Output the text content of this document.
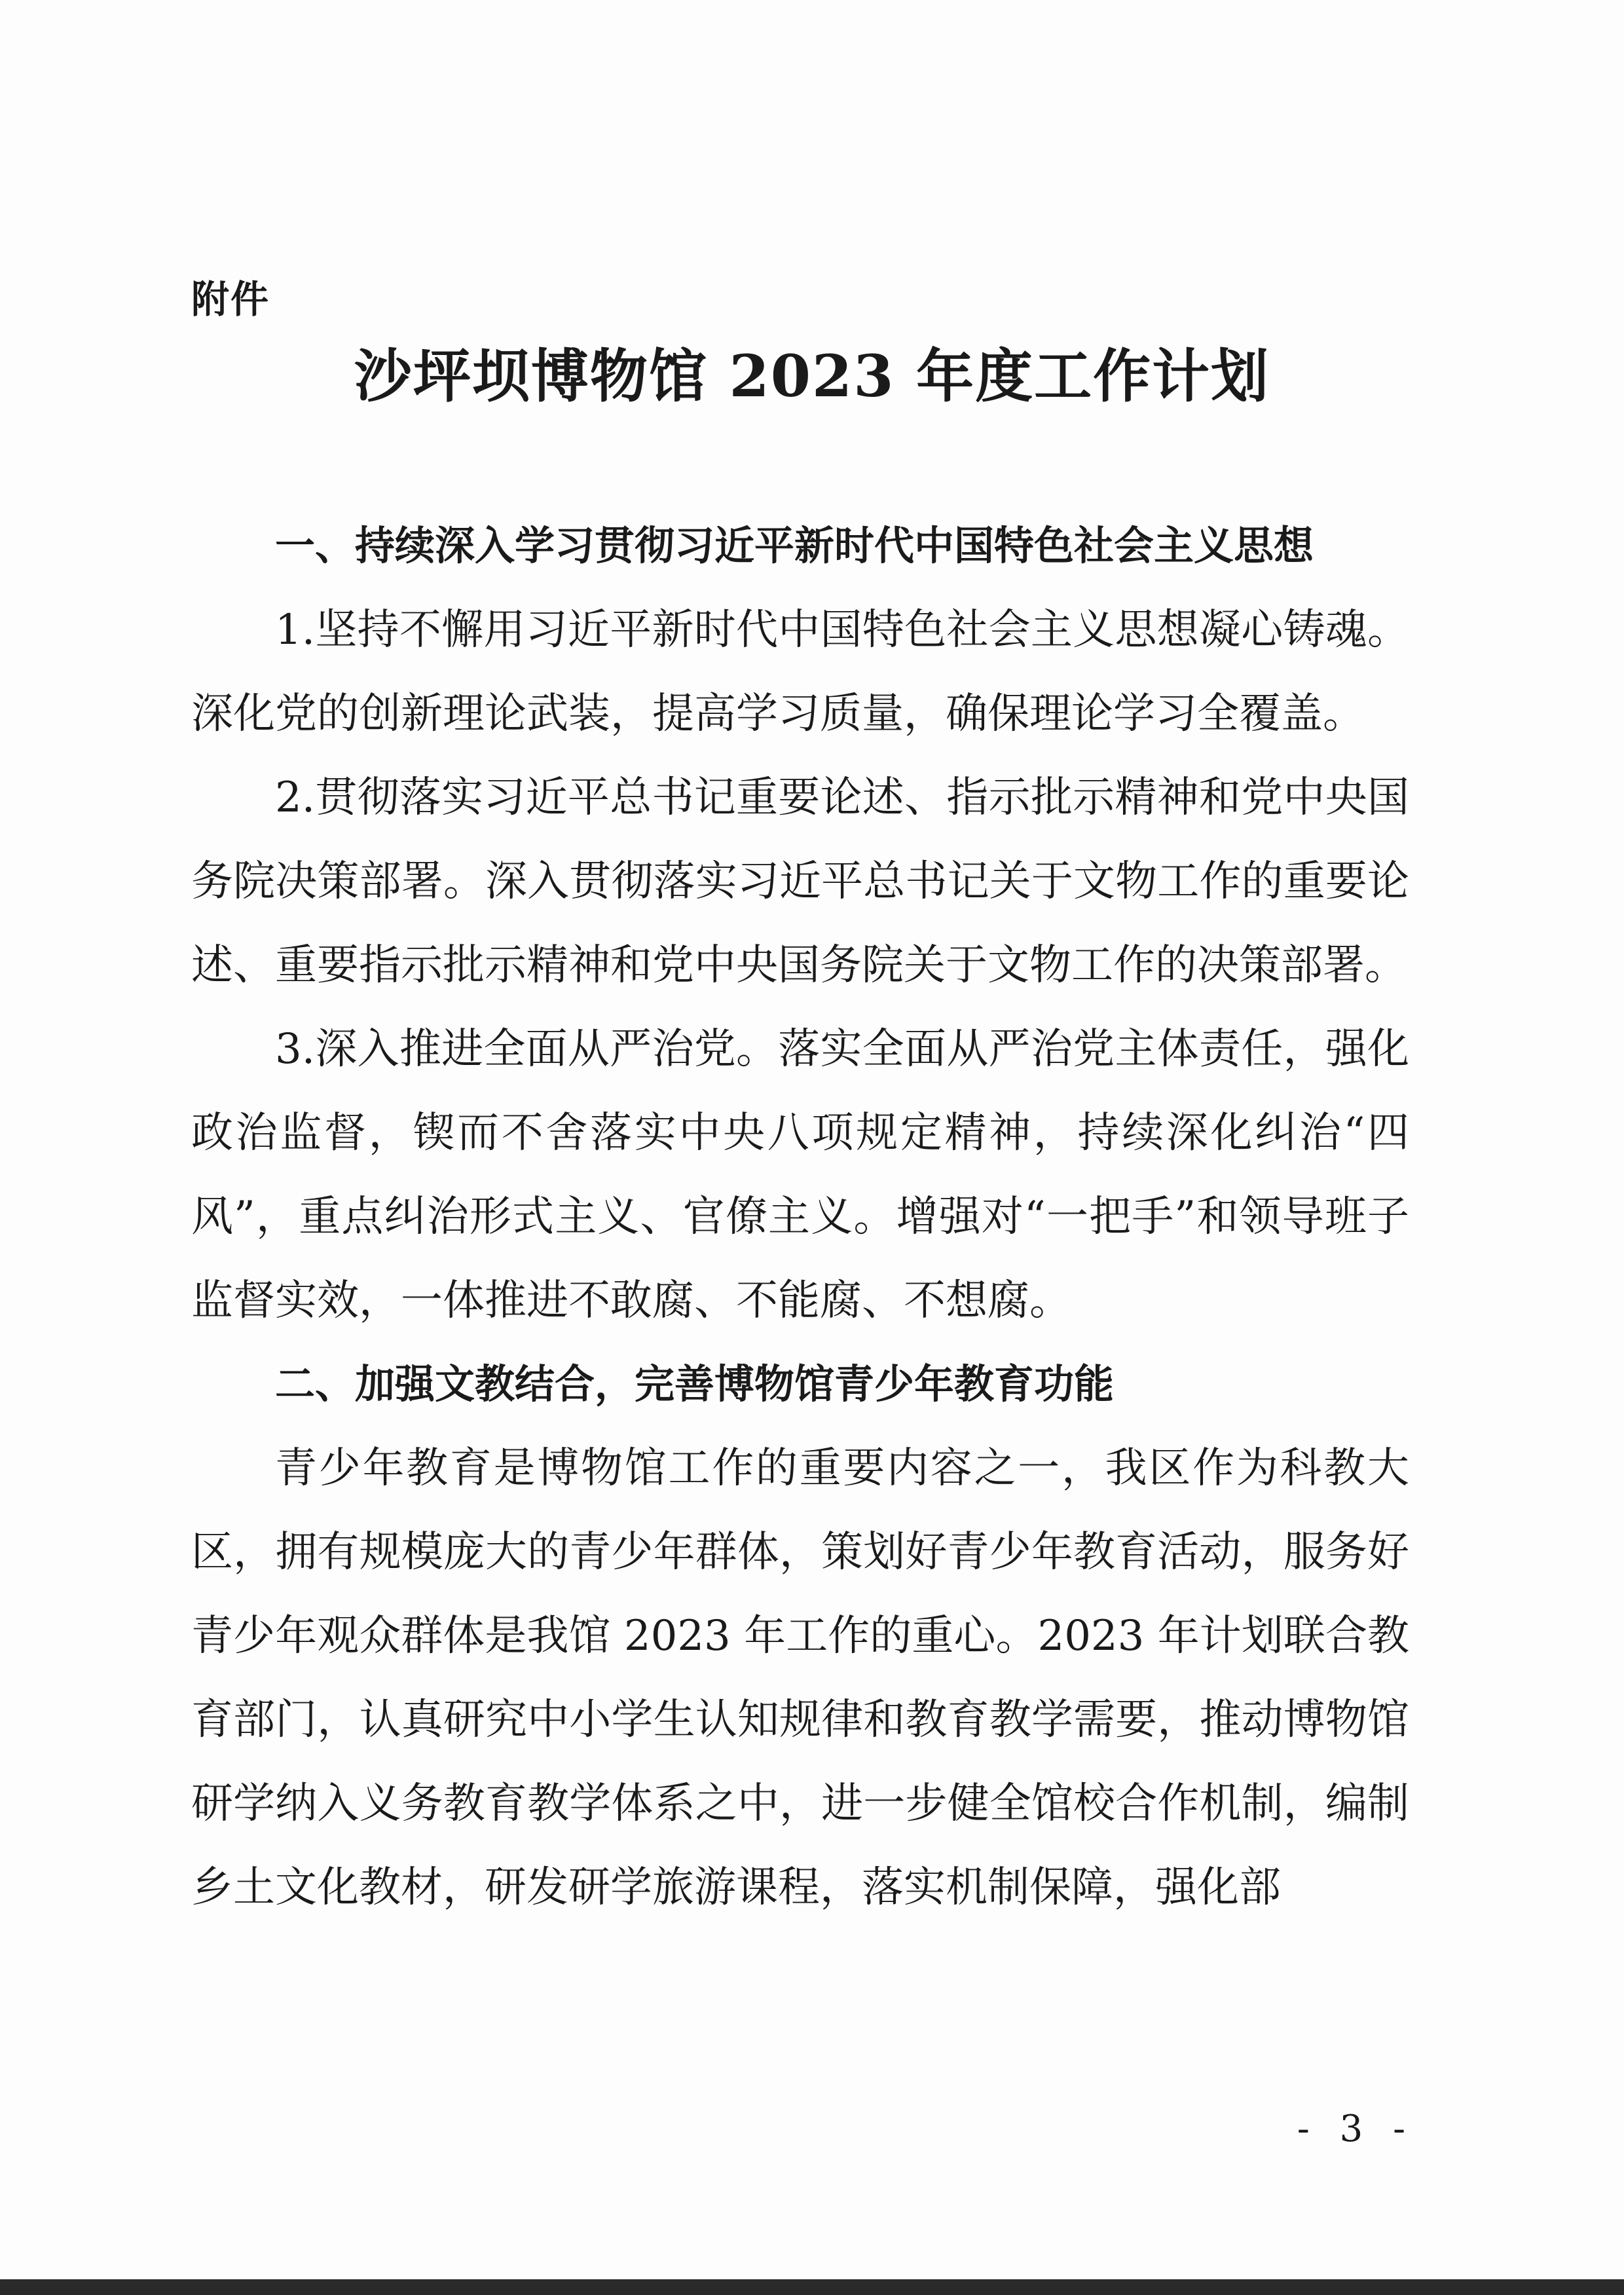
附件
沙坪坝博物馆 2023 年度工作计划
一、持续深入学习贯彻习近平新时代中国特色社会主义思想

1.坚持不懈用习近平新时代中国特色社会主义思想凝心铸魂。深化党的创新理论武装，提高学习质量，确保理论学习全覆盖。

2.贯彻落实习近平总书记重要论述、指示批示精神和党中央国务院决策部署。深入贯彻落实习近平总书记关于文物工作的重要论述、重要指示批示精神和党中央国务院关于文物工作的决策部署。

3.深入推进全面从严治党。落实全面从严治党主体责任，强化政治监督，锲而不舍落实中央八项规定精神，持续深化纠治“四风”，重点纠治形式主义、官僚主义。增强对“一把手”和领导班子监督实效，一体推进不敢腐、不能腐、不想腐。

二、加强文教结合，完善博物馆青少年教育功能

青少年教育是博物馆工作的重要内容之一，我区作为科教大区，拥有规模庞大的青少年群体，策划好青少年教育活动，服务好青少年观众群体是我馆 2023 年工作的重心。2023 年计划联合教育部门，认真研究中小学生认知规律和教育教学需要，推动博物馆研学纳入义务教育教学体系之中，进一步健全馆校合作机制，编制乡土文化教材，研发研学旅游课程，落实机制保障，强化部

- 3 -
